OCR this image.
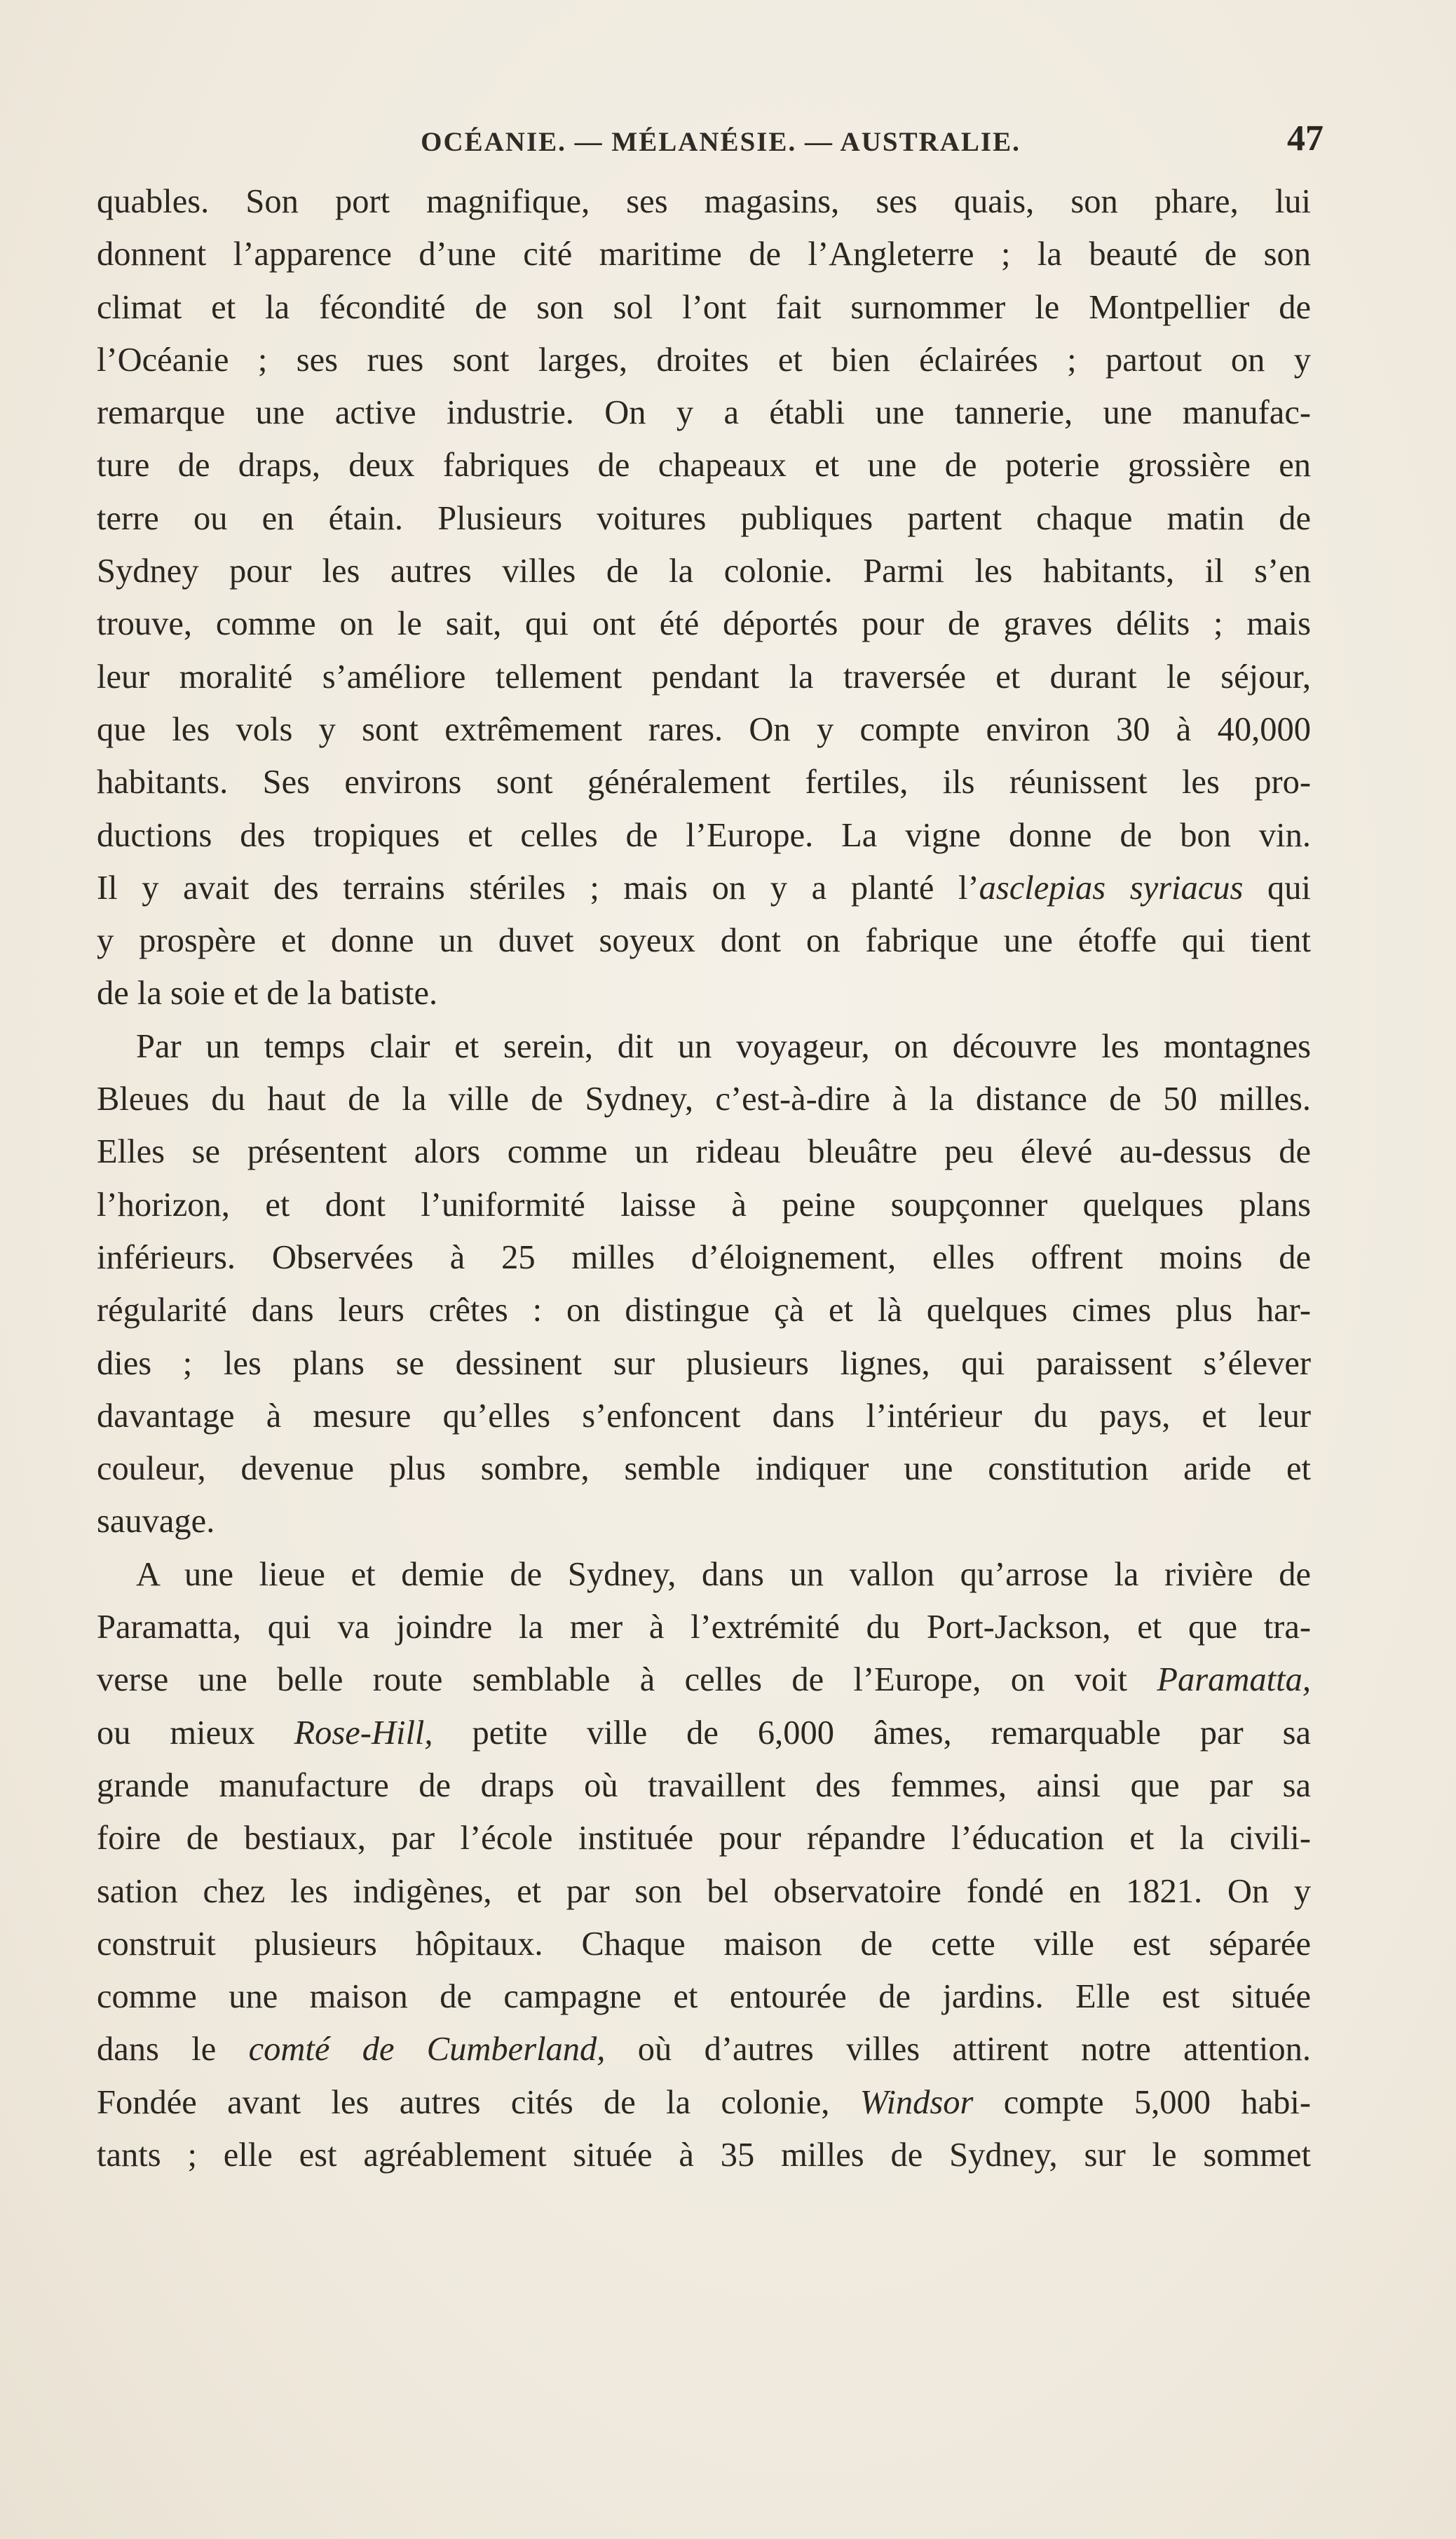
OCÉANIE. — MÉLANÉSIE. — AUSTRALIE.	47
quables. Son port magnifique, ses magasins, ses quais, son phare, lui
donnent l’apparence d’une cité maritime de l’Angleterre ; la beauté de son
climat et la fécondité de son sol l’ont fait surnommer le Montpellier de
l’Océanie ; ses rues sont larges, droites et bien éclairées ; partout on y
remarque une active industrie. On y a établi une tannerie, une manufac-
ture de draps, deux fabriques de chapeaux et une de poterie grossière en
terre ou en étain. Plusieurs voitures publiques partent chaque matin de
Sydney pour les autres villes de la colonie. Parmi les habitants, il s’en
trouve, comme on le sait, qui ont été déportés pour de graves délits ; mais
leur moralité s’améliore tellement pendant la traversée et durant le séjour,
que les vols y sont extrêmement rares. On y compte environ 30 à 40,000
habitants. Ses environs sont généralement fertiles, ils réunissent les pro-
ductions des tropiques et celles de l’Europe. La vigne donne de bon vin.
Il y avait des terrains stériles ; mais on y a planté l’asclepias syriacus qui
y prospère et donne un duvet soyeux dont on fabrique une étoffe qui tient
de la soie et de la batiste.
Par un temps clair et serein, dit un voyageur, on découvre les montagnes
Bleues du haut de la ville de Sydney, c’est-à-dire à la distance de 50 milles.
Elles se présentent alors comme un rideau bleuâtre peu élevé au-dessus de
l’horizon, et dont l’uniformité laisse à peine soupçonner quelques plans
inférieurs. Observées à 25 milles d’éloignement, elles offrent moins de
régularité dans leurs crêtes : on distingue çà et là quelques cimes plus har-
dies ; les plans se dessinent sur plusieurs lignes, qui paraissent s’élever
davantage à mesure qu’elles s’enfoncent dans l’intérieur du pays, et leur
couleur, devenue plus sombre, semble indiquer une constitution aride et
sauvage.
A une lieue et demie de Sydney, dans un vallon qu’arrose la rivière de
Paramatta, qui va joindre la mer à l’extrémité du Port-Jackson, et que tra-
verse une belle route semblable à celles de l’Europe, on voit Paramatta,
ou mieux Rose-Hill, petite ville de 6,000 âmes, remarquable par sa
grande manufacture de draps où travaillent des femmes, ainsi que par sa
foire de bestiaux, par l’école instituée pour répandre l’éducation et la civili-
sation chez les indigènes, et par son bel observatoire fondé en 1821. On y
construit plusieurs hôpitaux. Chaque maison de cette ville est séparée
comme une maison de campagne et entourée de jardins. Elle est située
dans le comté de Cumberland, où d’autres villes attirent notre attention.
Fondée avant les autres cités de la colonie, Windsor compte 5,000 habi-
tants ; elle est agréablement située à 35 milles de Sydney, sur le sommet
